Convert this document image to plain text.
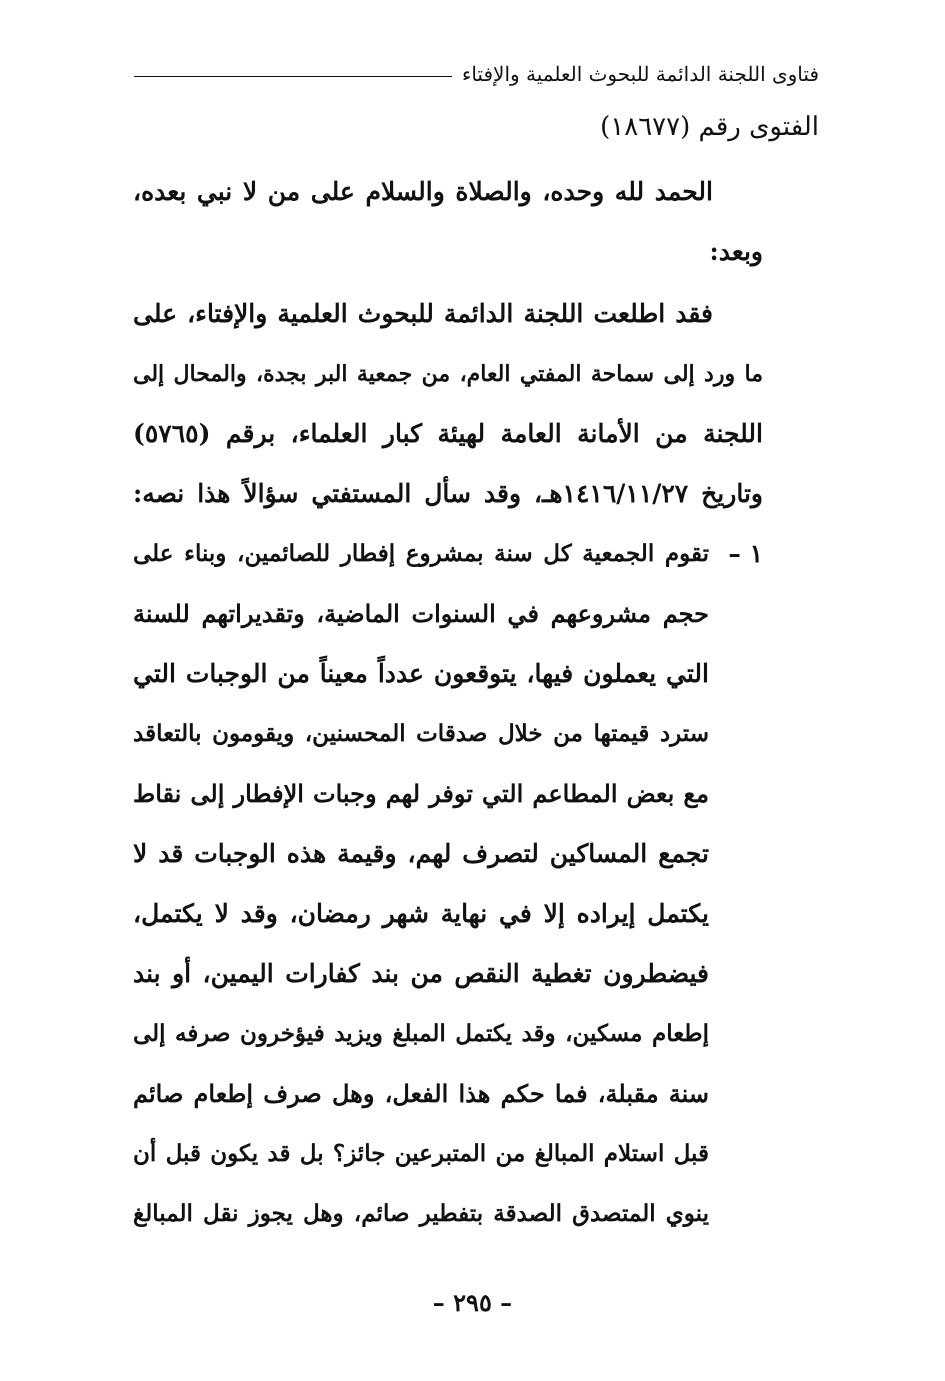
فتاوى اللجنة الدائمة للبحوث العلمية والإفتاء
الفتوى رقم (١٨٦٧٧)
الحمد لله وحده، والصلاة والسلام على من لا نبي بعده،
وبعد:
فقد اطلعت اللجنة الدائمة للبحوث العلمية والإفتاء، على
ما ورد إلى سماحة المفتي العام، من جمعية البر بجدة، والمحال إلى
اللجنة من الأمانة العامة لهيئة كبار العلماء، برقم (٥٧٦٥)
وتاريخ ١٤١٦/١١/٢٧هـ، وقد سأل المستفتي سؤالاً هذا نصه:
١ –
تقوم الجمعية كل سنة بمشروع إفطار للصائمين، وبناء على
حجم مشروعهم في السنوات الماضية، وتقديراتهم للسنة
التي يعملون فيها، يتوقعون عدداً معيناً من الوجبات التي
سترد قيمتها من خلال صدقات المحسنين، ويقومون بالتعاقد
مع بعض المطاعم التي توفر لهم وجبات الإفطار إلى نقاط
تجمع المساكين لتصرف لهم، وقيمة هذه الوجبات قد لا
يكتمل إيراده إلا في نهاية شهر رمضان، وقد لا يكتمل،
فيضطرون تغطية النقص من بند كفارات اليمين، أو بند
إطعام مسكين، وقد يكتمل المبلغ ويزيد فيؤخرون صرفه إلى
سنة مقبلة، فما حكم هذا الفعل، وهل صرف إطعام صائم
قبل استلام المبالغ من المتبرعين جائز؟ بل قد يكون قبل أن
ينوي المتصدق الصدقة بتفطير صائم، وهل يجوز نقل المبالغ
– ٢٩٥ –
